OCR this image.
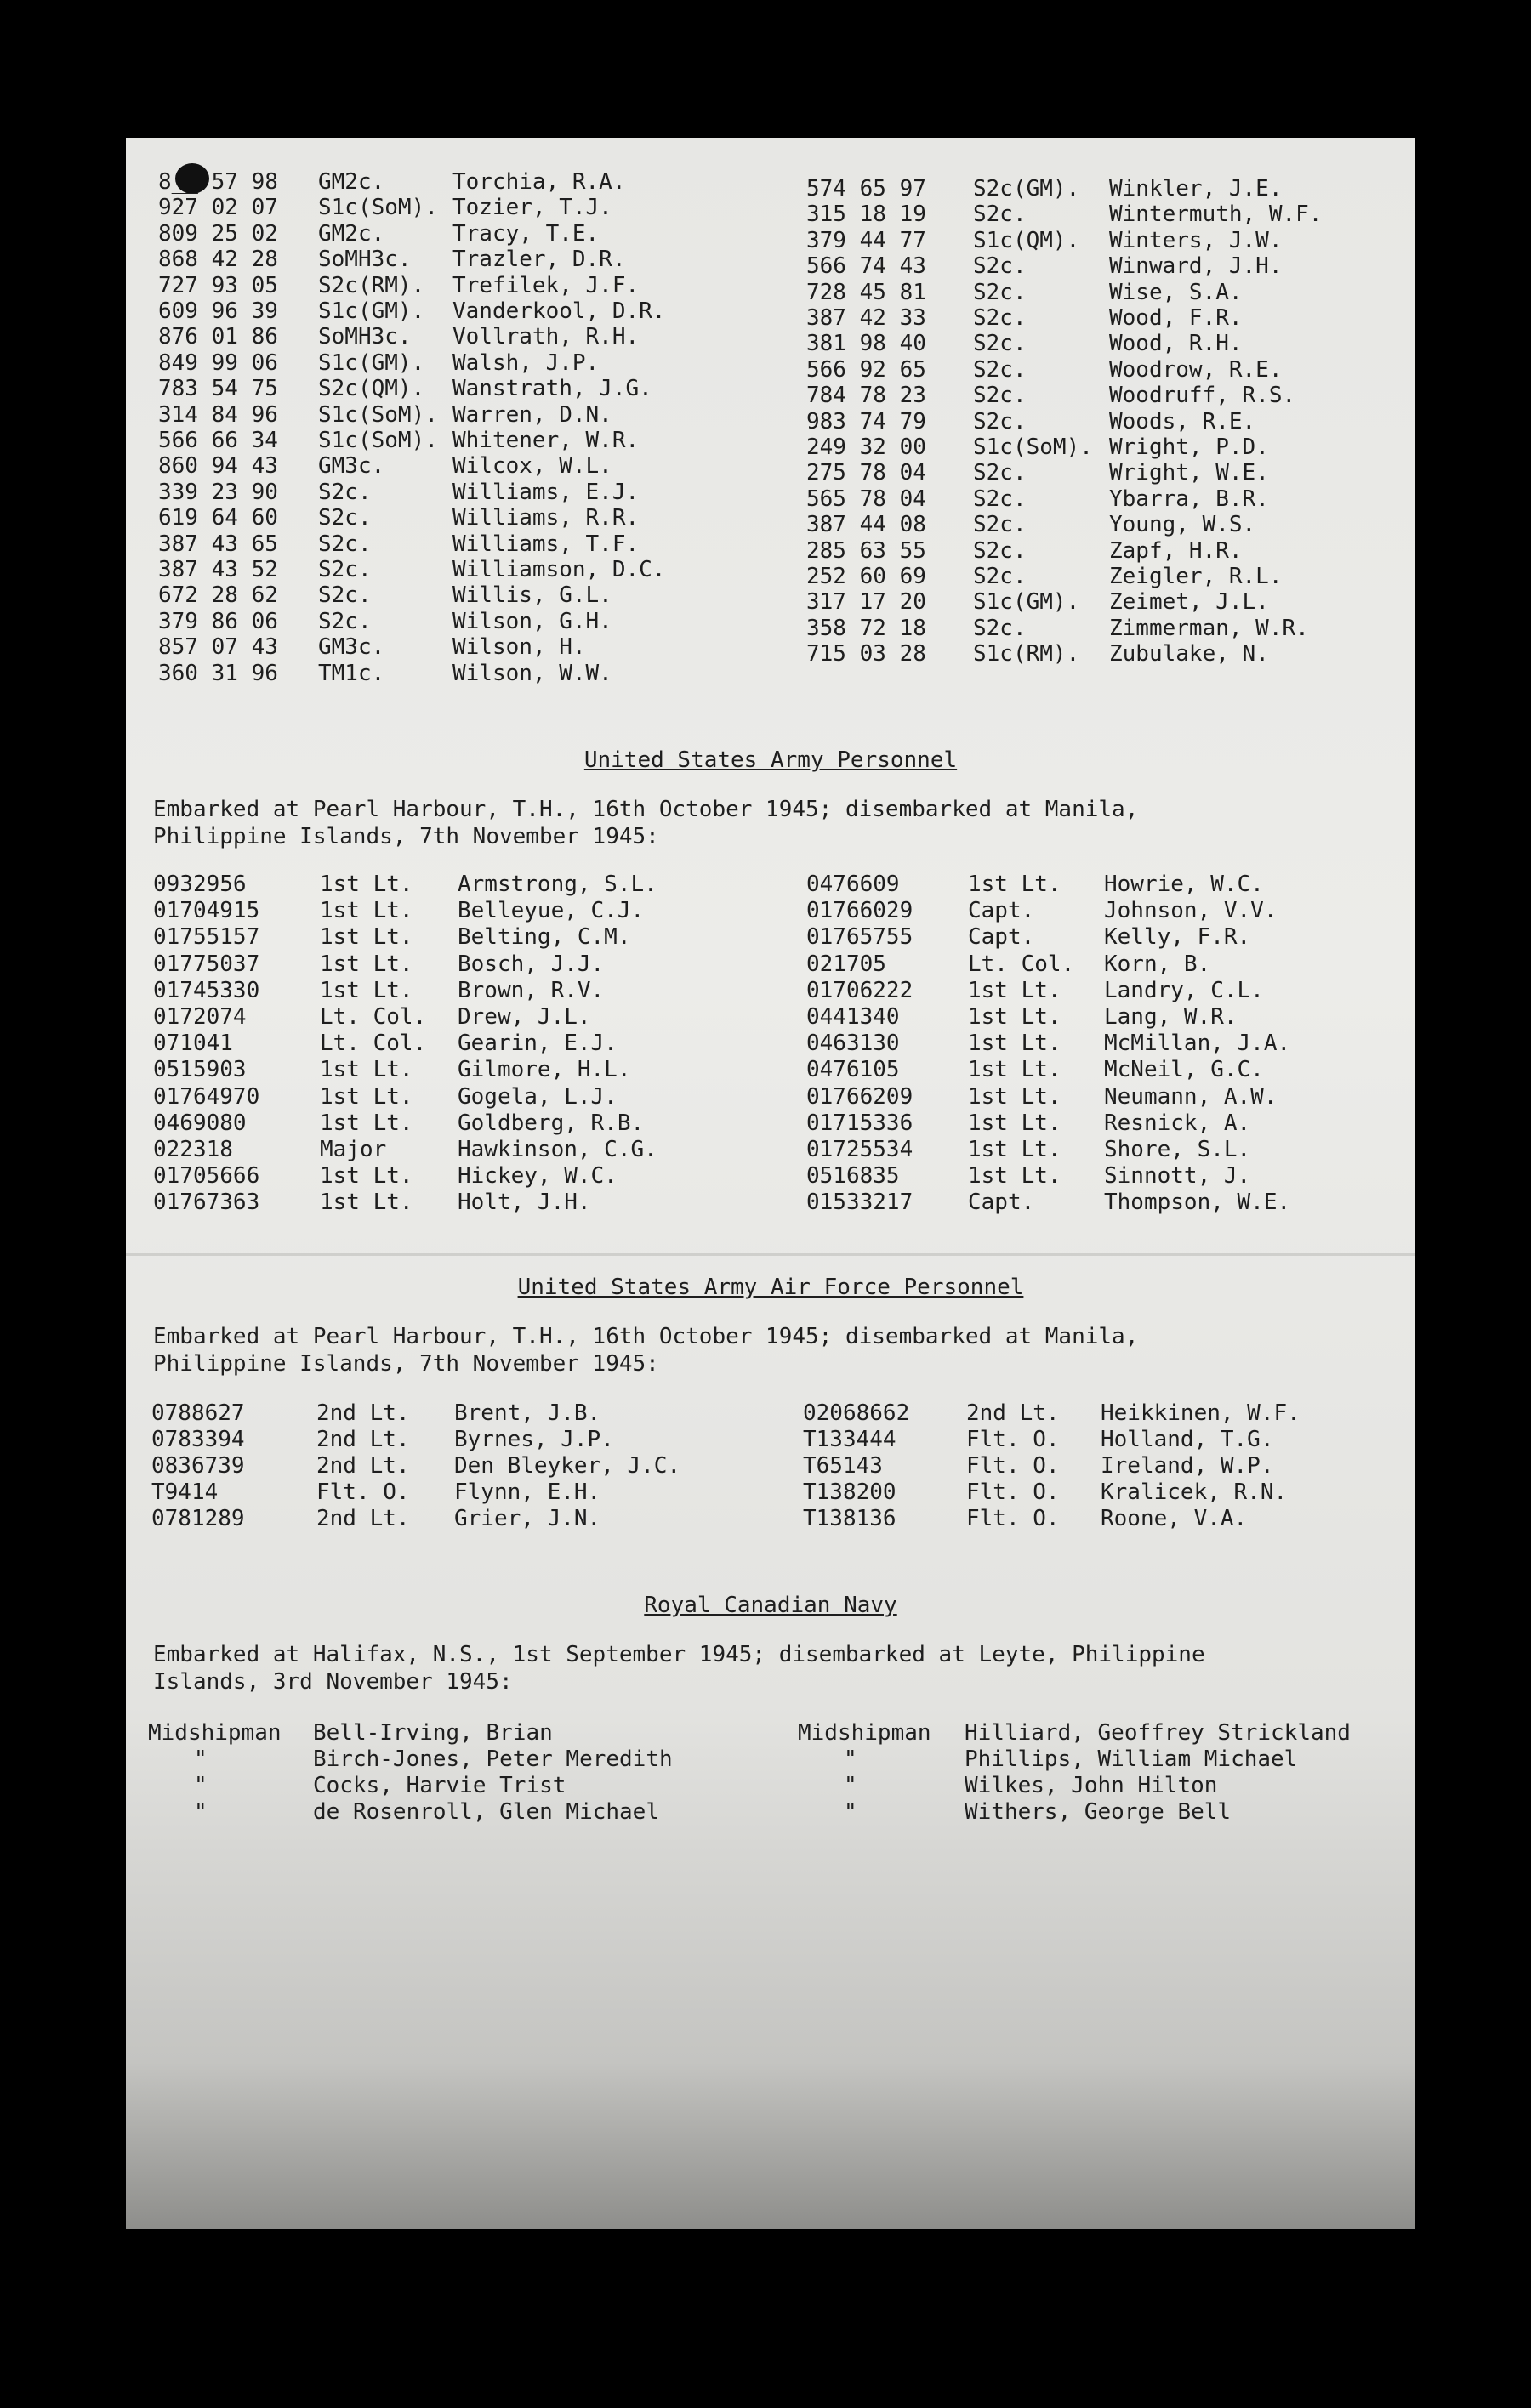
8__ 57 98 GM2c.	Torchia, R.A.
927 02 07 S1c(SoM). Tozier, T.J.
809 25 02 GM2c.	Tracy, T.E.
868 42 28 SoMH3c. Trazler, D.R.
727 93 05 S2c(RM). Trefilek, J.F.
609 96 39 S1c(GM). Vanderkool, D.R.
876 01 86 SoMH3c. Vollrath, R.H.
849 99 06 S1c(GM). Walsh, J.P.
783 54 75 S2c(QM). Wanstrath, J.G.
314 84 96 S1c(SoM). Warren, D.N.
566 66 34 S1c(SoM). Whitener, W.R.
860 94 43 GM3c.	Wilcox, W.L.
339 23 90 S2c.	Williams, E.J.
619 64 60 S2c.	Williams, R.R.
387 43 65 S2c.	Williams, T.F.
387 43 52 S2c.	Williamson, D.C.
672 28 62 S2c.	Willis, G.L.
379 86 06 S2c.	Wilson, G.H.
857 07 43 GM3c.	Wilson, H.
360 31 96 TM1c.	Wilson, W.W.
574 65 97 S2c(GM). Winkler, J.E.
315 18 19 S2c.	Wintermuth, W.F.
379 44 77 S1c(QM). Winters, J.W.
566 74 43 S2c.	Winward, J.H.
728 45 81 S2c.	Wise, S.A.
387 42 33 S2c.	Wood, F.R.
381 98 40 S2c.	Wood, R.H.
566 92 65 S2c.	Woodrow, R.E.
784 78 23 S2c.	Woodruff, R.S.
983 74 79 S2c.	Woods, R.E.
249 32 00 S1c(SoM). Wright, P.D.
275 78 04 S2c.	Wright, W.E.
565 78 04 S2c.	Ybarra, B.R.
387 44 08 S2c.	Young, W.S.
285 63 55 S2c.	Zapf, H.R.
252 60 69 S2c.	Zeigler, R.L.
317 17 20 S1c(GM). Zeimet, J.L.
358 72 18 S2c.	Zimmerman, W.R.
715 03 28 S1c(RM). Zubulake, N.
United States Army Personnel
Embarked at Pearl Harbour, T.H., 16th October 1945; disembarked at Manila,
Philippine Islands, 7th November 1945:
0932956	1st Lt. Armstrong, S.L.
01704915	1st Lt. Belleyue, C.J.
01755157	1st Lt. Belting, C.M.
01775037	1st Lt. Bosch, J.J.
01745330	1st Lt. Brown, R.V.
0172074	Lt. Col. Drew, J.L.
071041	Lt. Col. Gearin, E.J.
0515903	1st Lt. Gilmore, H.L.
01764970	1st Lt. Gogela, L.J.
0469080	1st Lt. Goldberg, R.B.
022318	Major	Hawkinson, C.G.
01705666	1st Lt. Hickey, W.C.
01767363	1st Lt. Holt, J.H.
0476609	1st Lt. Howrie, W.C.
01766029 Capt.	Johnson, V.V.
01765755 Capt.	Kelly, F.R.
021705	Lt. Col. Korn, B.
01706222 1st Lt. Landry, C.L.
0441340	1st Lt. Lang, W.R.
0463130	1st Lt. McMillan, J.A.
0476105	1st Lt. McNeil, G.C.
01766209 1st Lt. Neumann, A.W.
01715336 1st Lt. Resnick, A.
01725534 1st Lt. Shore, S.L.
0516835	1st Lt. Sinnott, J.
01533217 Capt.	Thompson, W.E.
United States Army Air Force Personnel
Embarked at Pearl Harbour, T.H., 16th October 1945; disembarked at Manila,
Philippine Islands, 7th November 1945:
0788627	2nd Lt. Brent, J.B.
0783394	2nd Lt. Byrnes, J.P.
0836739	2nd Lt. Den Bleyker, J.C.
T9414	Flt. O. Flynn, E.H.
0781289	2nd Lt. Grier, J.N.
02068662	2nd Lt. Heikkinen, W.F.
T133444	Flt. O. Holland, T.G.
T65143	Flt. O. Ireland, W.P.
T138200	Flt. O. Kralicek, R.N.
T138136	Flt. O. Roone, V.A.
Royal Canadian Navy
Embarked at Halifax, N.S., 1st September 1945; disembarked at Leyte, Philippine
Islands, 3rd November 1945:
Midshipman Bell-Irving, Brian
"	Birch-Jones, Peter Meredith
"	Cocks, Harvie Trist
"	de Rosenroll, Glen Michael
Midshipman Hilliard, Geoffrey Strickland
"	Phillips, William Michael
"	Wilkes, John Hilton
"	Withers, George Bell
